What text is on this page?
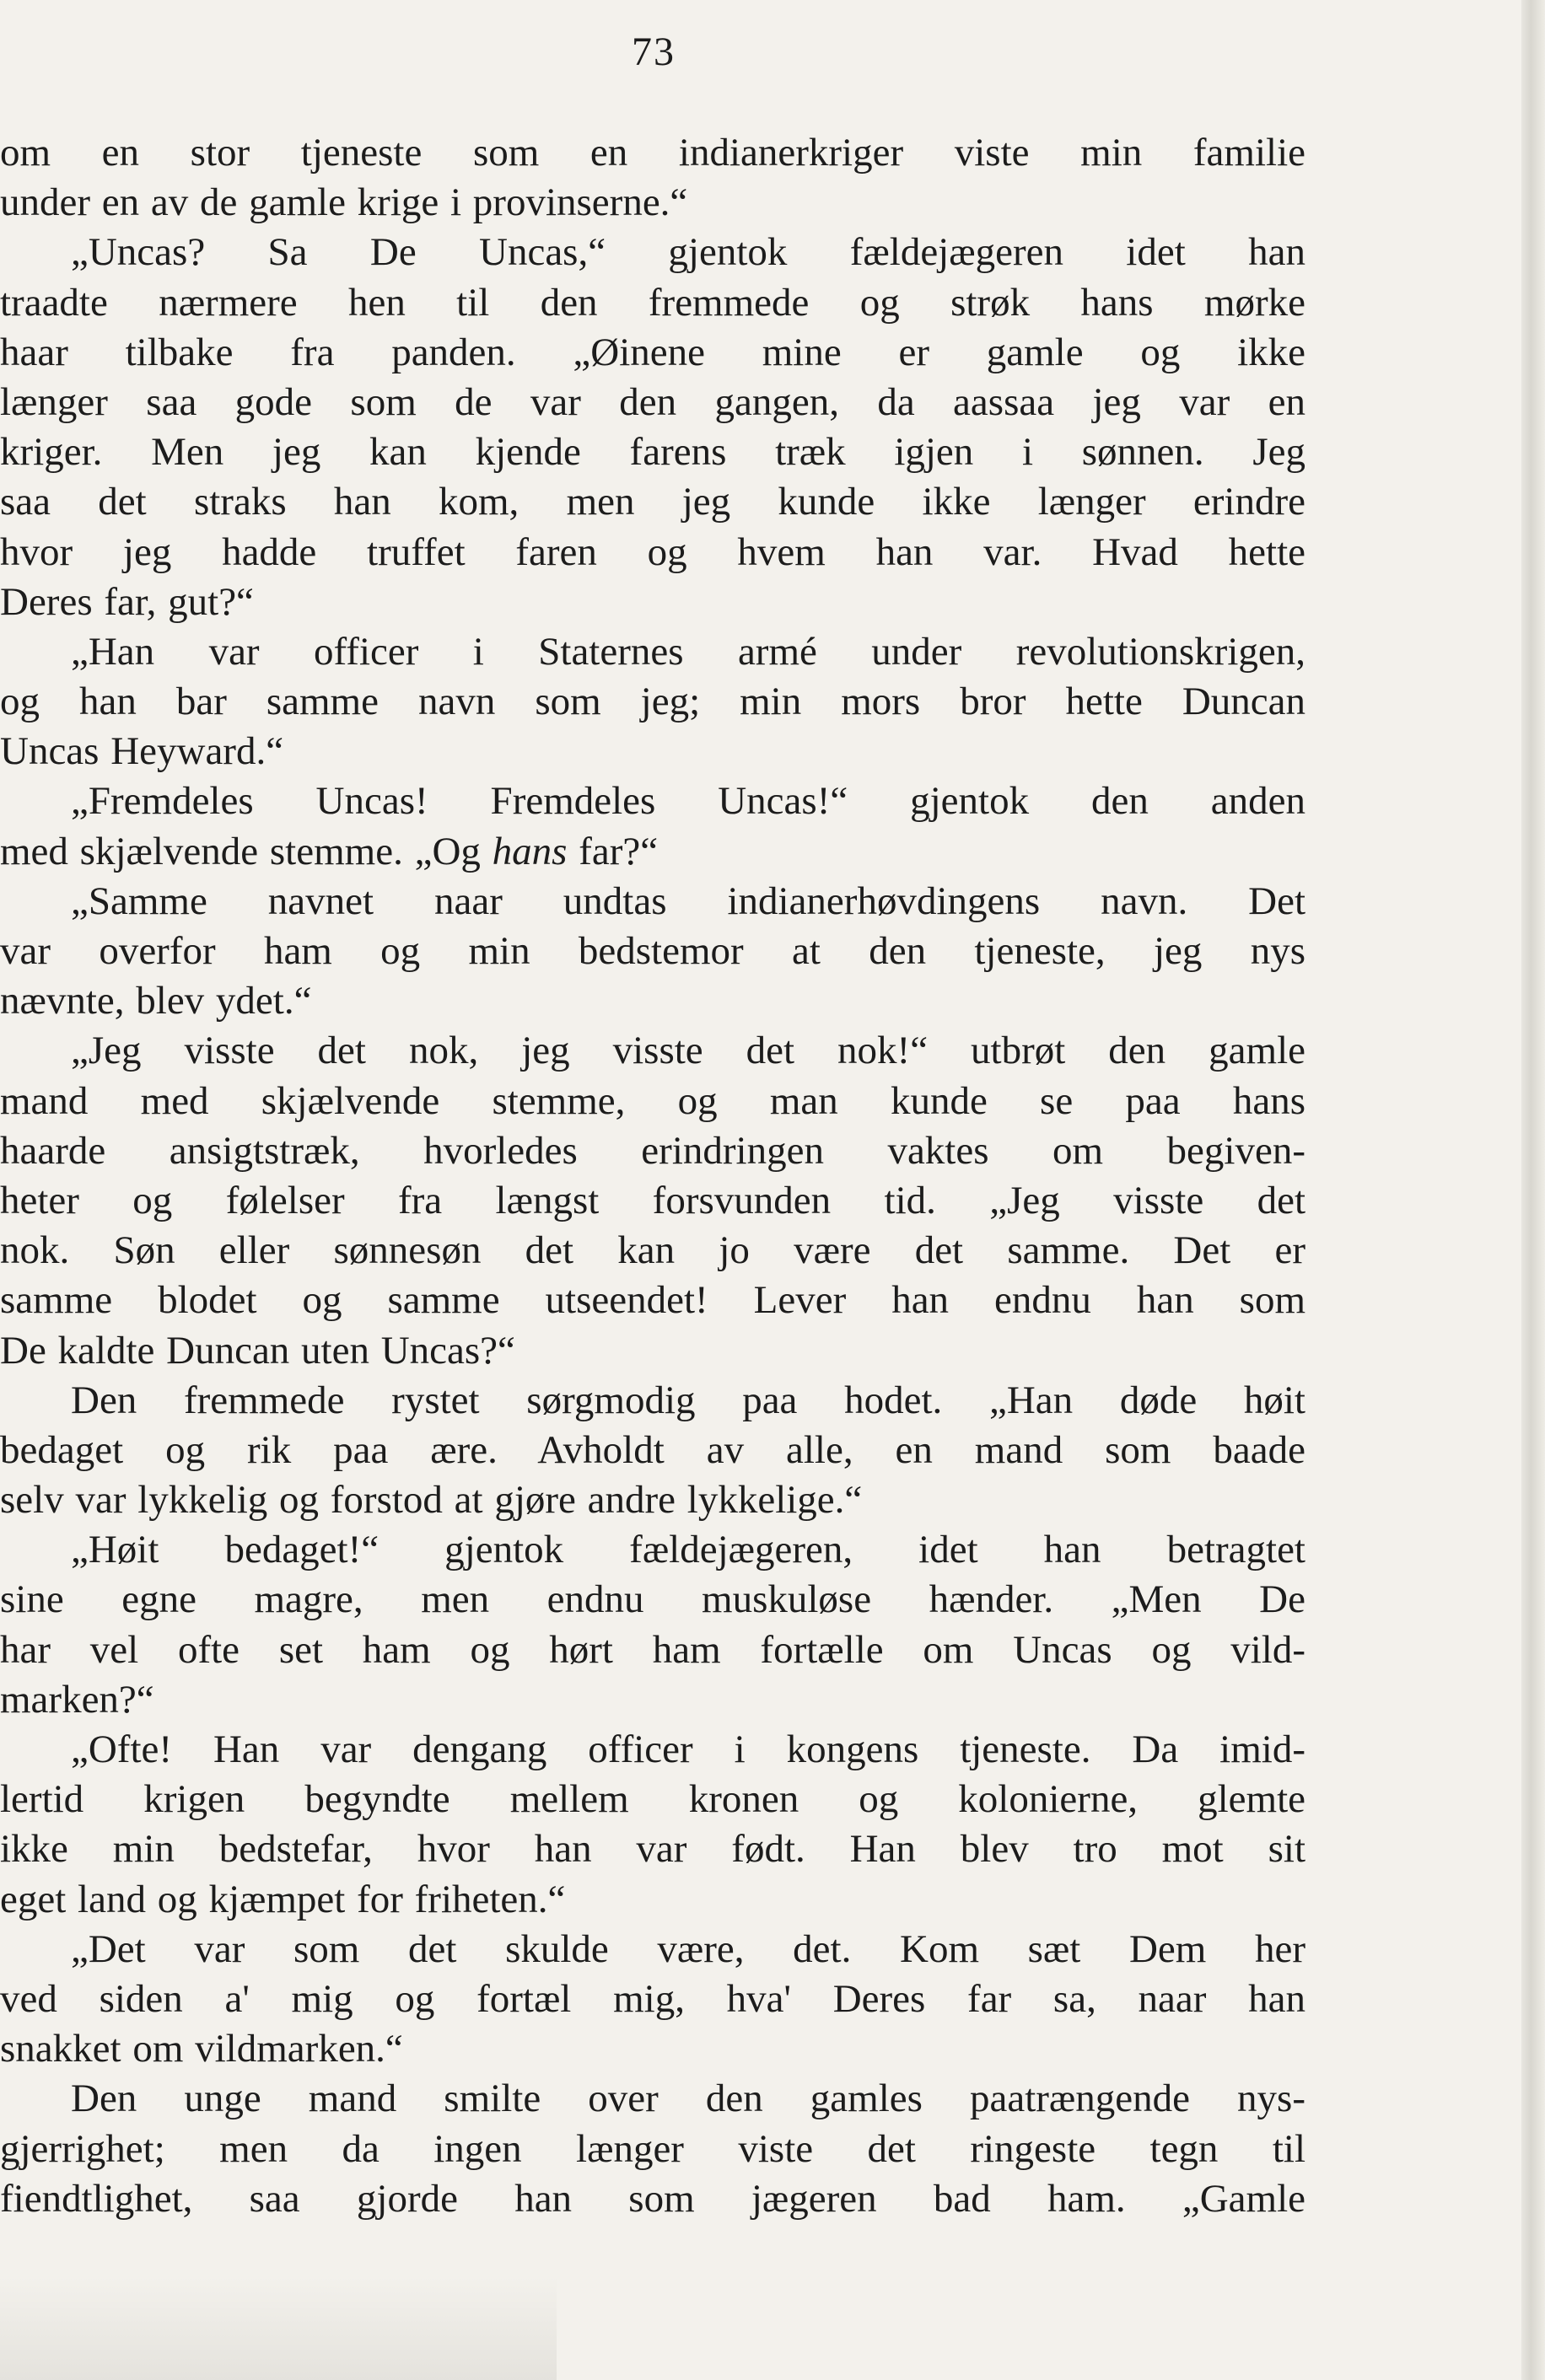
73
om en stor tjeneste som en indianerkriger viste min familie
under en av de gamle krige i provinserne.“
„Uncas? Sa De Uncas,“ gjentok fældejægeren idet han
traadte nærmere hen til den fremmede og strøk hans mørke
haar tilbake fra panden. „Øinene mine er gamle og ikke
længer saa gode som de var den gangen, da aassaa jeg var en
kriger. Men jeg kan kjende farens træk igjen i sønnen. Jeg
saa det straks han kom, men jeg kunde ikke længer erindre
hvor jeg hadde truffet faren og hvem han var. Hvad hette
Deres far, gut?“
„Han var officer i Staternes armé under revolutionskrigen,
og han bar samme navn som jeg; min mors bror hette Duncan
Uncas Heyward.“
„Fremdeles Uncas! Fremdeles Uncas!“ gjentok den anden
med skjælvende stemme. „Og hans far?“
„Samme navnet naar undtas indianerhøvdingens navn. Det
var overfor ham og min bedstemor at den tjeneste, jeg nys
nævnte, blev ydet.“
„Jeg visste det nok, jeg visste det nok!“ utbrøt den gamle
mand med skjælvende stemme, og man kunde se paa hans
haarde ansigtstræk, hvorledes erindringen vaktes om begiven-
heter og følelser fra længst forsvunden tid. „Jeg visste det
nok. Søn eller sønnesøn det kan jo være det samme. Det er
samme blodet og samme utseendet! Lever han endnu han som
De kaldte Duncan uten Uncas?“
Den fremmede rystet sørgmodig paa hodet. „Han døde høit
bedaget og rik paa ære. Avholdt av alle, en mand som baade
selv var lykkelig og forstod at gjøre andre lykkelige.“
„Høit bedaget!“ gjentok fældejægeren, idet han betragtet
sine egne magre, men endnu muskuløse hænder. „Men De
har vel ofte set ham og hørt ham fortælle om Uncas og vild-
marken?“
„Ofte! Han var dengang officer i kongens tjeneste. Da imid-
lertid krigen begyndte mellem kronen og kolonierne, glemte
ikke min bedstefar, hvor han var født. Han blev tro mot sit
eget land og kjæmpet for friheten.“
„Det var som det skulde være, det. Kom sæt Dem her
ved siden a' mig og fortæl mig, hva' Deres far sa, naar han
snakket om vildmarken.“
Den unge mand smilte over den gamles paatrængende nys-
gjerrighet; men da ingen længer viste det ringeste tegn til
fiendtlighet, saa gjorde han som jægeren bad ham. „Gamle
